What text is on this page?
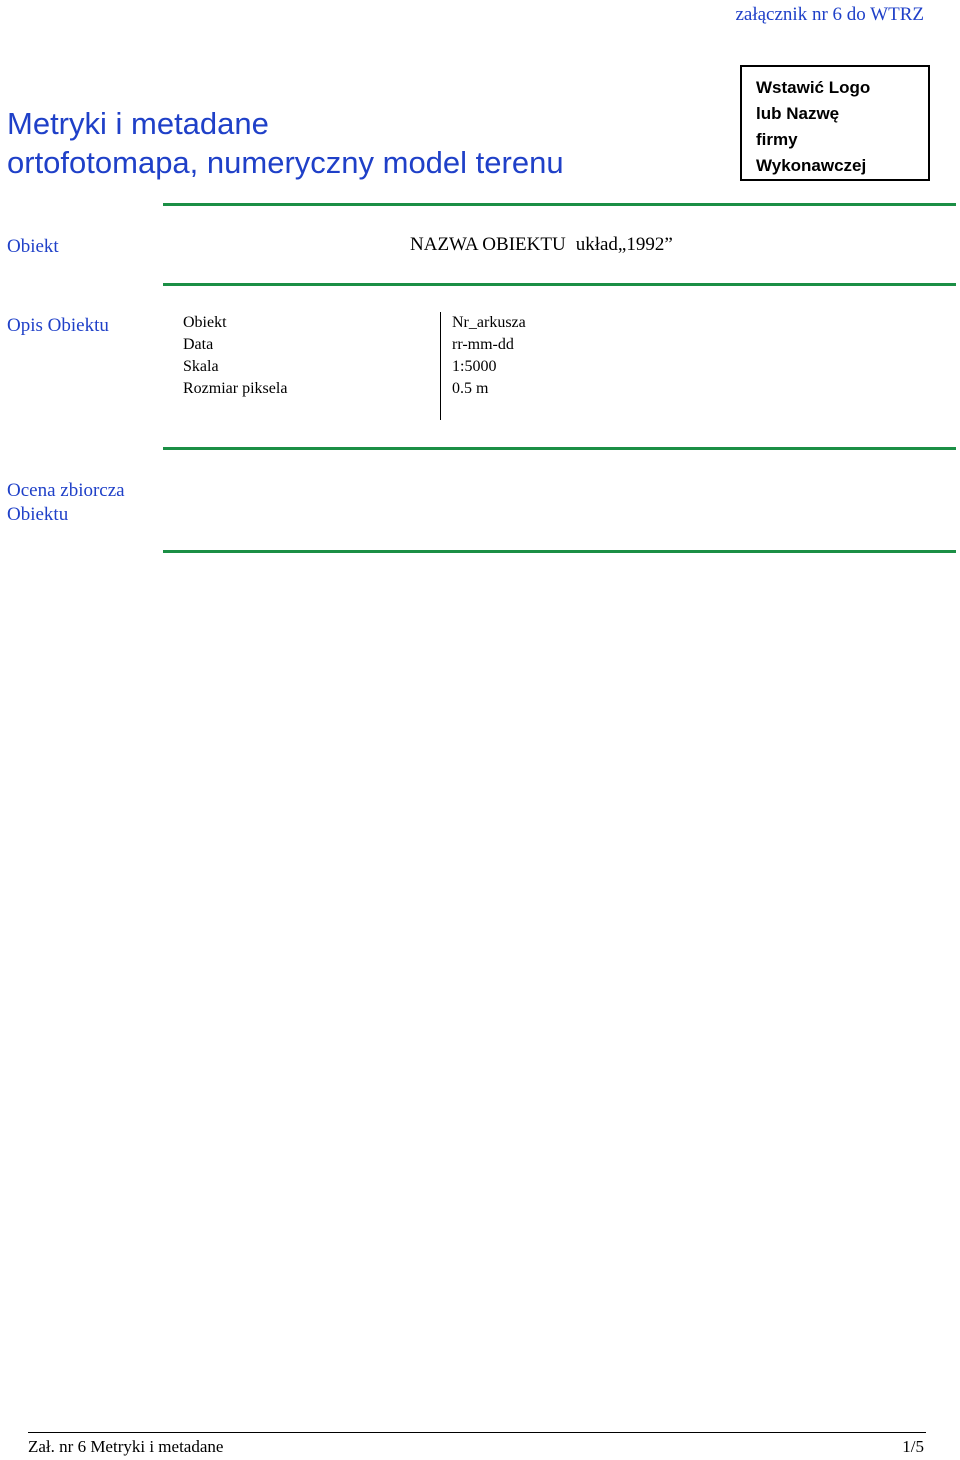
załącznik nr 6 do WTRZ
Metryki i metadane
ortofotomapa, numeryczny model terenu
Wstawić Logo
lub Nazwę
firmy
Wykonawczej
Obiekt	NAZWA OBIEKTU układ„1992”
Opis Obiektu	Obiekt	Nr_arkusza
Data	rr-mm-dd
Skala	1:5000
Rozmiar piksela	0.5 m
Ocena zbiorcza
Obiektu
Zał. nr 6 Metryki i metadane	1/5
